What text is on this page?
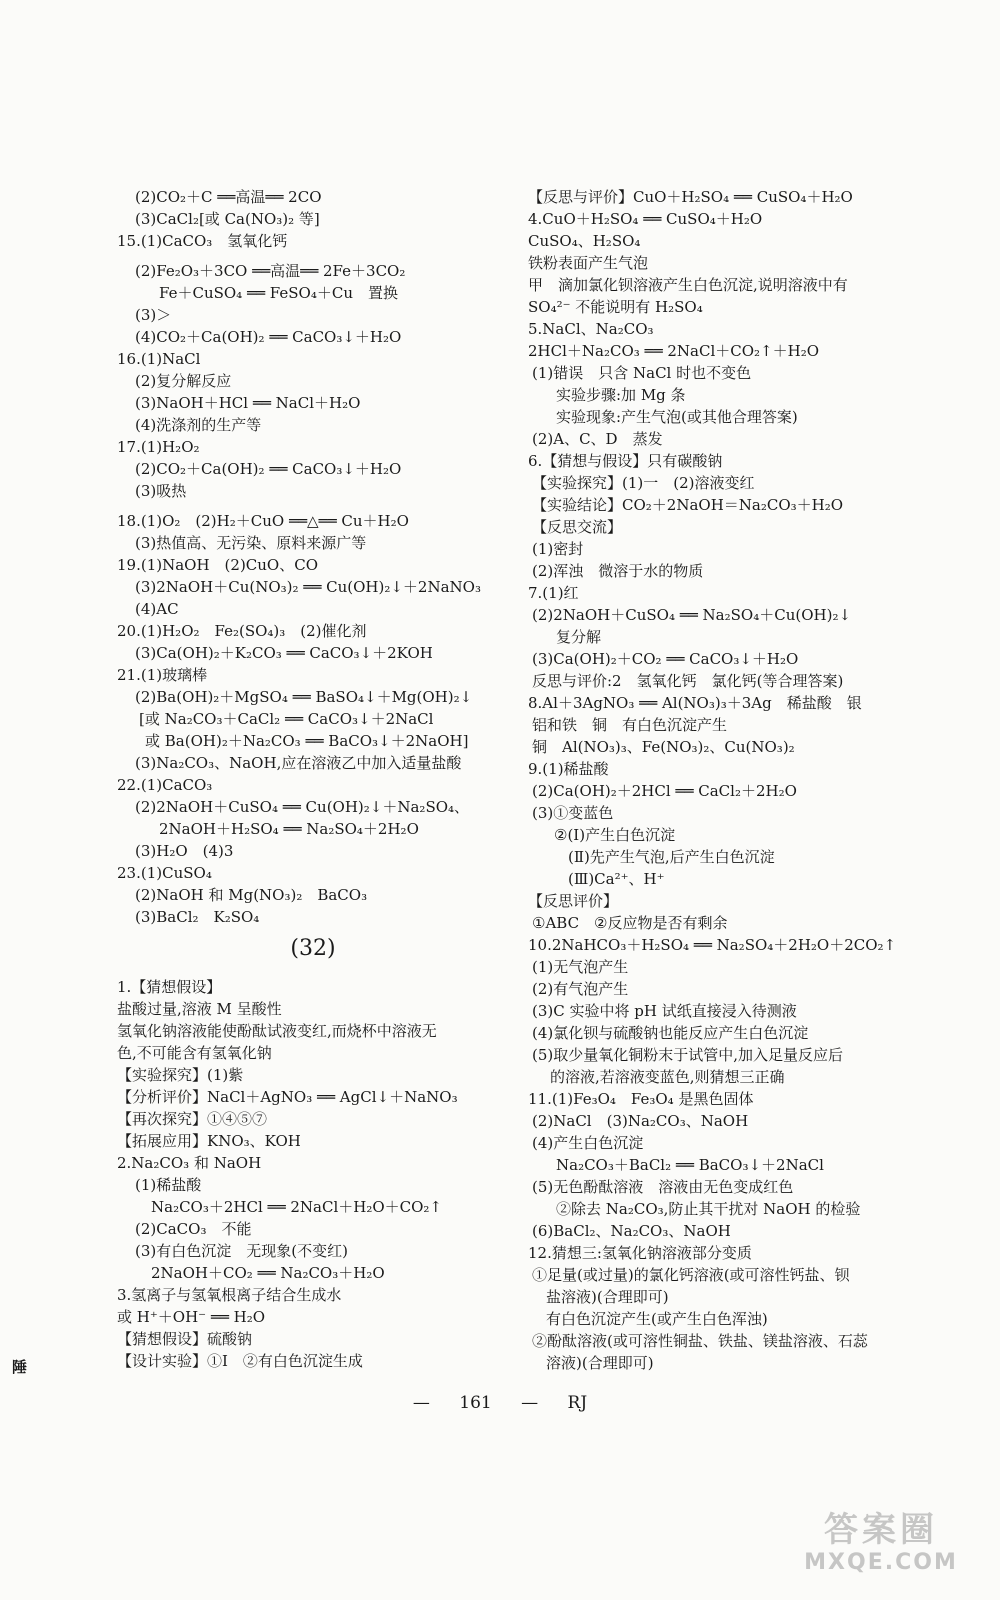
(2)CO₂＋C ══高温══ 2CO
(3)CaCl₂[或 Ca(NO₃)₂ 等]
15.(1)CaCO₃　氢氧化钙
(2)Fe₂O₃＋3CO ══高温══ 2Fe＋3CO₂
Fe＋CuSO₄ ══ FeSO₄＋Cu　置换
(3)＞
(4)CO₂＋Ca(OH)₂ ══ CaCO₃↓＋H₂O
16.(1)NaCl
(2)复分解反应
(3)NaOH＋HCl ══ NaCl＋H₂O
(4)洗涤剂的生产等
17.(1)H₂O₂
(2)CO₂＋Ca(OH)₂ ══ CaCO₃↓＋H₂O
(3)吸热
18.(1)O₂　(2)H₂＋CuO ══△══ Cu＋H₂O
(3)热值高、无污染、原料来源广等
19.(1)NaOH　(2)CuO、CO
(3)2NaOH＋Cu(NO₃)₂ ══ Cu(OH)₂↓＋2NaNO₃
(4)AC
20.(1)H₂O₂　Fe₂(SO₄)₃　(2)催化剂
(3)Ca(OH)₂＋K₂CO₃ ══ CaCO₃↓＋2KOH
21.(1)玻璃棒
(2)Ba(OH)₂＋MgSO₄ ══ BaSO₄↓＋Mg(OH)₂↓
[或 Na₂CO₃＋CaCl₂ ══ CaCO₃↓＋2NaCl
或 Ba(OH)₂＋Na₂CO₃ ══ BaCO₃↓＋2NaOH]
(3)Na₂CO₃、NaOH,应在溶液乙中加入适量盐酸
22.(1)CaCO₃
(2)2NaOH＋CuSO₄ ══ Cu(OH)₂↓＋Na₂SO₄、
2NaOH＋H₂SO₄ ══ Na₂SO₄＋2H₂O
(3)H₂O　(4)3
23.(1)CuSO₄
(2)NaOH 和 Mg(NO₃)₂　BaCO₃
(3)BaCl₂　K₂SO₄
(32)
1.【猜想假设】
盐酸过量,溶液 M 呈酸性
氢氧化钠溶液能使酚酞试液变红,而烧杯中溶液无
色,不可能含有氢氧化钠
【实验探究】(1)紫
【分析评价】NaCl＋AgNO₃ ══ AgCl↓＋NaNO₃
【再次探究】①④⑤⑦
【拓展应用】KNO₃、KOH
2.Na₂CO₃ 和 NaOH
(1)稀盐酸
Na₂CO₃＋2HCl ══ 2NaCl＋H₂O＋CO₂↑
(2)CaCO₃　不能
(3)有白色沉淀　无现象(不变红)
2NaOH＋CO₂ ══ Na₂CO₃＋H₂O
3.氢离子与氢氧根离子结合生成水
或 H⁺＋OH⁻ ══ H₂O
【猜想假设】硫酸钠
【设计实验】①Ⅰ　②有白色沉淀生成
【反思与评价】CuO＋H₂SO₄ ══ CuSO₄＋H₂O
4.CuO＋H₂SO₄ ══ CuSO₄＋H₂O
CuSO₄、H₂SO₄
铁粉表面产生气泡
甲　滴加氯化钡溶液产生白色沉淀,说明溶液中有
SO₄²⁻ 不能说明有 H₂SO₄
5.NaCl、Na₂CO₃
2HCl＋Na₂CO₃ ══ 2NaCl＋CO₂↑＋H₂O
(1)错误　只含 NaCl 时也不变色
实验步骤:加 Mg 条
实验现象:产生气泡(或其他合理答案)
(2)A、C、D　蒸发
6.【猜想与假设】只有碳酸钠
【实验探究】(1)一　(2)溶液变红
【实验结论】CO₂＋2NaOH＝Na₂CO₃＋H₂O
【反思交流】
(1)密封
(2)浑浊　微溶于水的物质
7.(1)红
(2)2NaOH＋CuSO₄ ══ Na₂SO₄＋Cu(OH)₂↓
复分解
(3)Ca(OH)₂＋CO₂ ══ CaCO₃↓＋H₂O
反思与评价:2　氢氧化钙　氯化钙(等合理答案)
8.Al＋3AgNO₃ ══ Al(NO₃)₃＋3Ag　稀盐酸　银
铝和铁　铜　有白色沉淀产生
铜　Al(NO₃)₃、Fe(NO₃)₂、Cu(NO₃)₂
9.(1)稀盐酸
(2)Ca(OH)₂＋2HCl ══ CaCl₂＋2H₂O
(3)①变蓝色
②(Ⅰ)产生白色沉淀
(Ⅱ)先产生气泡,后产生白色沉淀
(Ⅲ)Ca²⁺、H⁺
【反思评价】
①ABC　②反应物是否有剩余
10.2NaHCO₃＋H₂SO₄ ══ Na₂SO₄＋2H₂O＋2CO₂↑
(1)无气泡产生
(2)有气泡产生
(3)C 实验中将 pH 试纸直接浸入待测液
(4)氯化钡与硫酸钠也能反应产生白色沉淀
(5)取少量氧化铜粉末于试管中,加入足量反应后
的溶液,若溶液变蓝色,则猜想三正确
11.(1)Fe₃O₄　Fe₃O₄ 是黑色固体
(2)NaCl　(3)Na₂CO₃、NaOH
(4)产生白色沉淀
Na₂CO₃＋BaCl₂ ══ BaCO₃↓＋2NaCl
(5)无色酚酞溶液　溶液由无色变成红色
②除去 Na₂CO₃,防止其干扰对 NaOH 的检验
(6)BaCl₂、Na₂CO₃、NaOH
12.猜想三:氢氧化钠溶液部分变质
①足量(或过量)的氯化钙溶液(或可溶性钙盐、钡
盐溶液)(合理即可)
有白色沉淀产生(或产生白色浑浊)
②酚酞溶液(或可溶性铜盐、铁盐、镁盐溶液、石蕊
溶液)(合理即可)
— 161 — RJ
陲
答案圈
MXQE.COM
